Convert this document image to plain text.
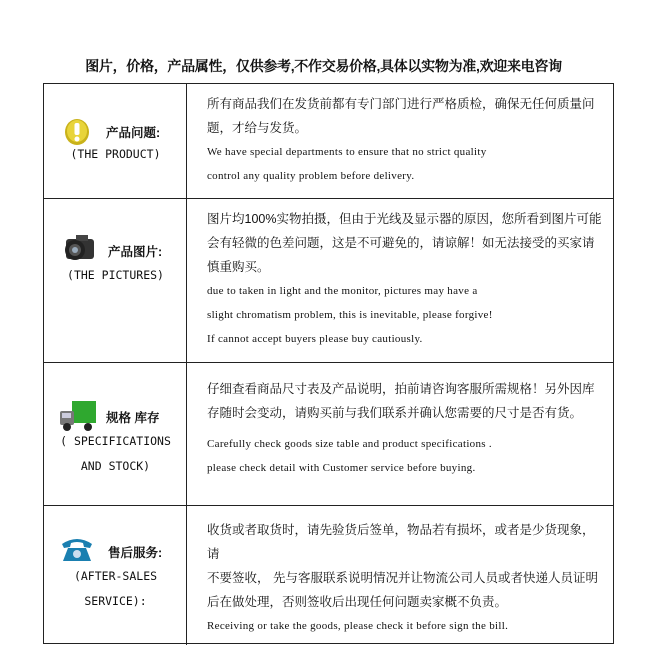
图片，价格，产品属性，仅供参考,不作交易价格,具体以实物为准,欢迎来电咨询
产品问题:
(THE PRODUCT)
所有商品我们在发货前都有专门部门进行严格质检，确保无任何质量问
题，才给与发货。
We have special departments to ensure that no strict quality
control any quality problem before delivery.
产品图片:
(THE PICTURES)
图片均100%实物拍摄，但由于光线及显示器的原因，您所看到图片可能
会有轻微的色差问题，这是不可避免的，请谅解！如无法接受的买家请
慎重购买。
due to taken in light and the monitor, pictures may have a
slight chromatism problem, this is inevitable, please forgive!
If cannot accept buyers please buy cautiously.
规格 库存
( SPECIFICATIONS
AND STOCK)
仔细查看商品尺寸表及产品说明，拍前请咨询客服所需规格！另外因库
存随时会变动，请购买前与我们联系并确认您需要的尺寸是否有货。
Carefully check goods size table and product specifications .
please check detail with Customer service before buying.
售后服务:
(AFTER-SALES
SERVICE):
收货或者取货时，请先验货后签单，物品若有损坏，或者是少货现象，请
不要签收， 先与客服联系说明情况并让物流公司人员或者快递人员证明
后在做处理，否则签收后出现任何问题卖家概不负责。
Receiving or take the goods, please check it before sign the bill.
